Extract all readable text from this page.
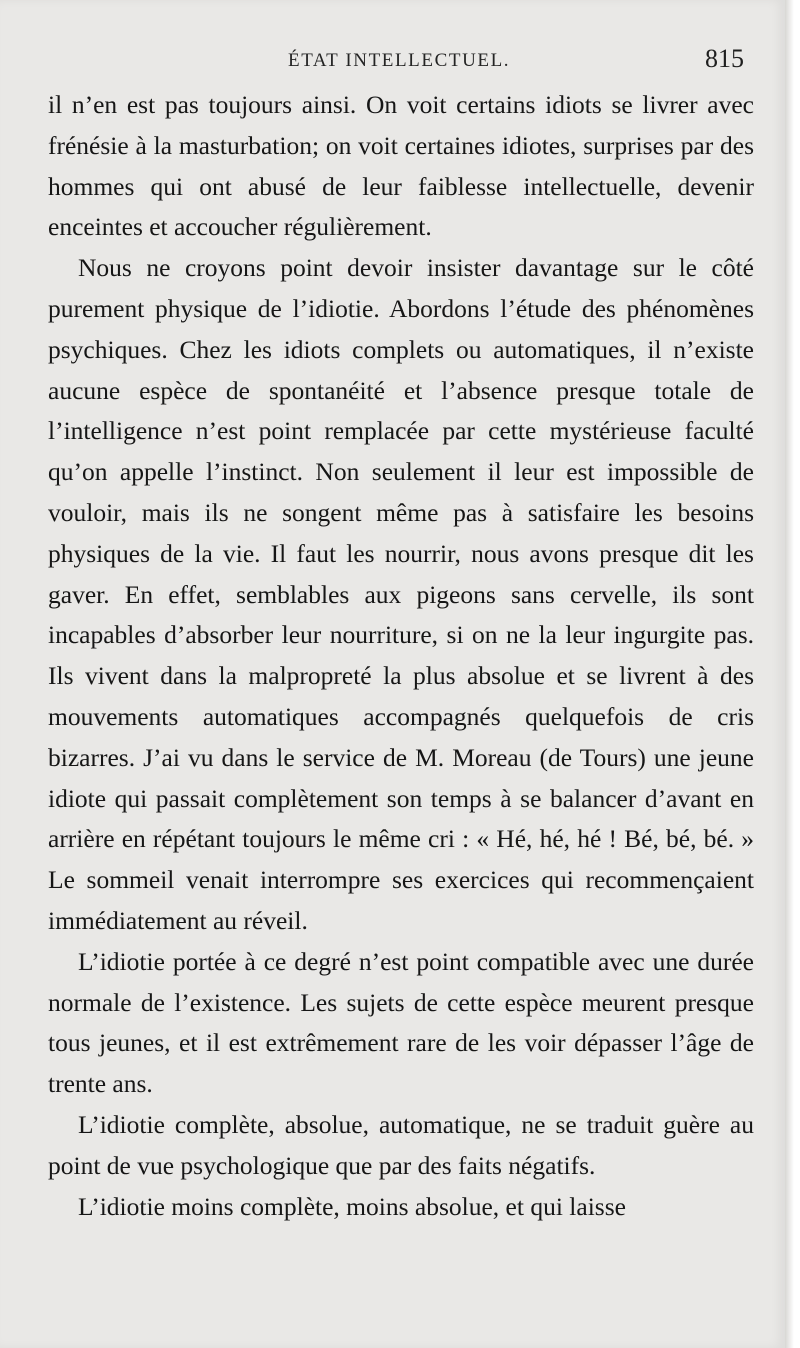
ÉTAT INTELLECTUEL.	815

il n’en est pas toujours ainsi. On voit certains idiots se livrer avec frénésie à la masturbation; on voit certaines idiotes, surprises par des hommes qui ont abusé de leur faiblesse intellectuelle, devenir enceintes et accoucher régulièrement.

Nous ne croyons point devoir insister davantage sur le côté purement physique de l’idiotie. Abordons l’étude des phénomènes psychiques. Chez les idiots complets ou automatiques, il n’existe aucune espèce de spontanéité et l’absence presque totale de l’intelligence n’est point remplacée par cette mystérieuse faculté qu’on appelle l’instinct. Non seulement il leur est impossible de vouloir, mais ils ne songent même pas à satisfaire les besoins physiques de la vie. Il faut les nourrir, nous avons presque dit les gaver. En effet, semblables aux pigeons sans cervelle, ils sont incapables d’absorber leur nourriture, si on ne la leur ingurgite pas. Ils vivent dans la malpropreté la plus absolue et se livrent à des mouvements automatiques accompagnés quelquefois de cris bizarres. J’ai vu dans le service de M. Moreau (de Tours) une jeune idiote qui passait complètement son temps à se balancer d’avant en arrière en répétant toujours le même cri : « Hé, hé, hé ! Bé, bé, bé. » Le sommeil venait interrompre ses exercices qui recommençaient immédiatement au réveil.

L’idiotie portée à ce degré n’est point compatible avec une durée normale de l’existence. Les sujets de cette espèce meurent presque tous jeunes, et il est extrêmement rare de les voir dépasser l’âge de trente ans.

L’idiotie complète, absolue, automatique, ne se traduit guère au point de vue psychologique que par des faits négatifs.

L’idiotie moins complète, moins absolue, et qui laisse
